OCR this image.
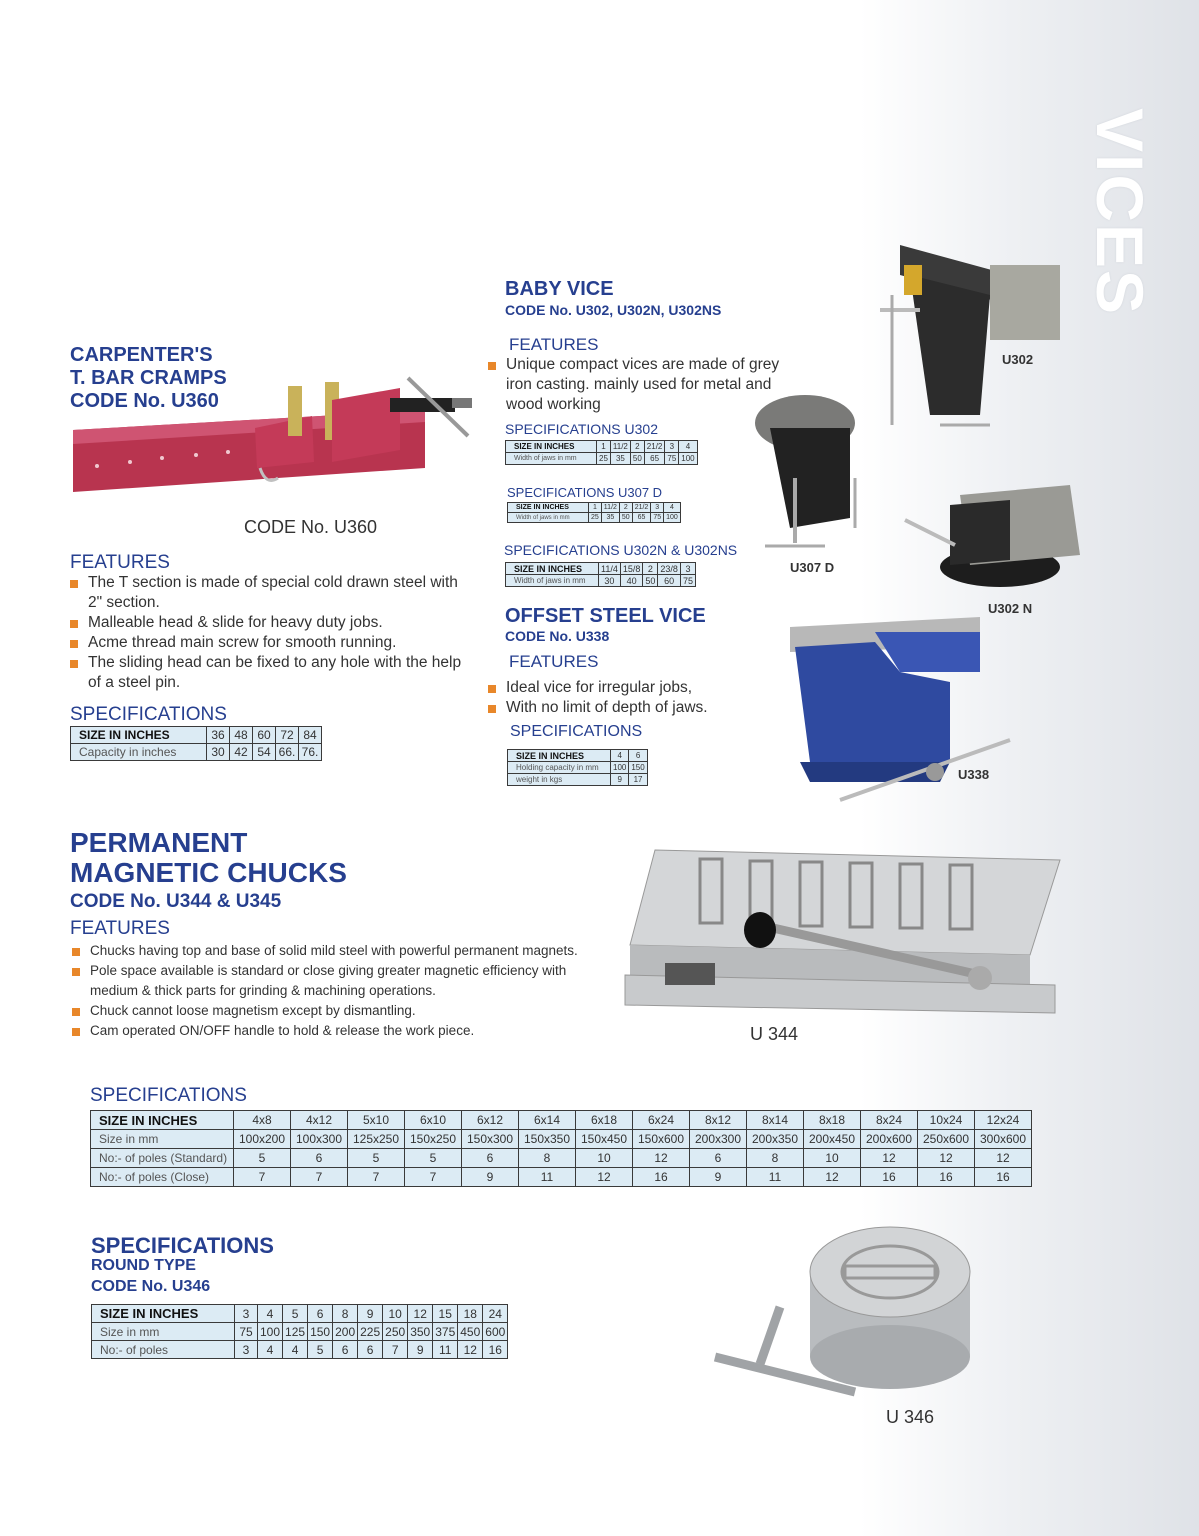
VICES
CARPENTER'S
T. BAR CRAMPS
CODE No. U360
CODE No. U360
FEATURES
The T section is made of special cold drawn steel with 2" section.
Malleable head & slide for heavy duty jobs.
Acme thread main screw for smooth running.
The sliding head can be fixed to any hole with the help of a steel pin.
SPECIFICATIONS
SIZE IN INCHES	36	48	60	72	84
Capacity in inches	30	42	54	66.	76.
BABY VICE
CODE No. U302, U302N, U302NS
FEATURES
Unique compact vices are made of grey iron casting. mainly used for metal and wood working
SPECIFICATIONS U302
SIZE IN INCHES	1	11/2	2	21/2	3	4
Width of jaws in mm	25	35	50	65	75	100
SPECIFICATIONS U307 D
SIZE IN INCHES	1	11/2	2	21/2	3	4
Width of jaws in mm	25	35	50	65	75	100
SPECIFICATIONS U302N & U302NS
SIZE IN INCHES	11/4	15/8	2	23/8	3
Width of jaws in mm	30	40	50	60	75
U302
U307 D
U302 N
OFFSET STEEL VICE
CODE No. U338
FEATURES
Ideal vice for irregular jobs,
With no limit of depth of jaws.
SPECIFICATIONS
SIZE IN INCHES	4	6
Holding capacity in mm	100	150
weight in kgs	9	17	U338
PERMANENT
MAGNETIC CHUCKS
CODE No. U344 & U345
FEATURES
Chucks having top and base of solid mild steel with powerful permanent magnets.
Pole space available is standard or close giving greater magnetic efficiency with medium & thick parts for grinding & machining operations.
Chuck cannot loose magnetism except by dismantling.
Cam operated ON/OFF handle to hold & release the work piece.	U 344
SPECIFICATIONS
SIZE IN INCHES	4x8	4x12	5x10	6x10	6x12	6x14	6x18	6x24	8x12	8x14	8x18	8x24	10x24	12x24
Size in mm	100x200	100x300	125x250	150x250	150x300	150x350	150x450	150x600	200x300	200x350	200x450	200x600	250x600	300x600
No:- of poles (Standard)	5	6	5	5	6	8	10	12	6	8	10	12	12	12
No:- of poles (Close)	7	7	7	7	9	11	12	16	9	11	12	16	16	16
SPECIFICATIONS
ROUND TYPE
CODE No. U346
SIZE IN INCHES	3	4	5	6	8	9	10	12	15	18	24
Size in mm	75	100	125	150	200	225	250	350	375	450	600
No:- of poles	3	4	4	5	6	6	7	9	11	12	16
U 346
